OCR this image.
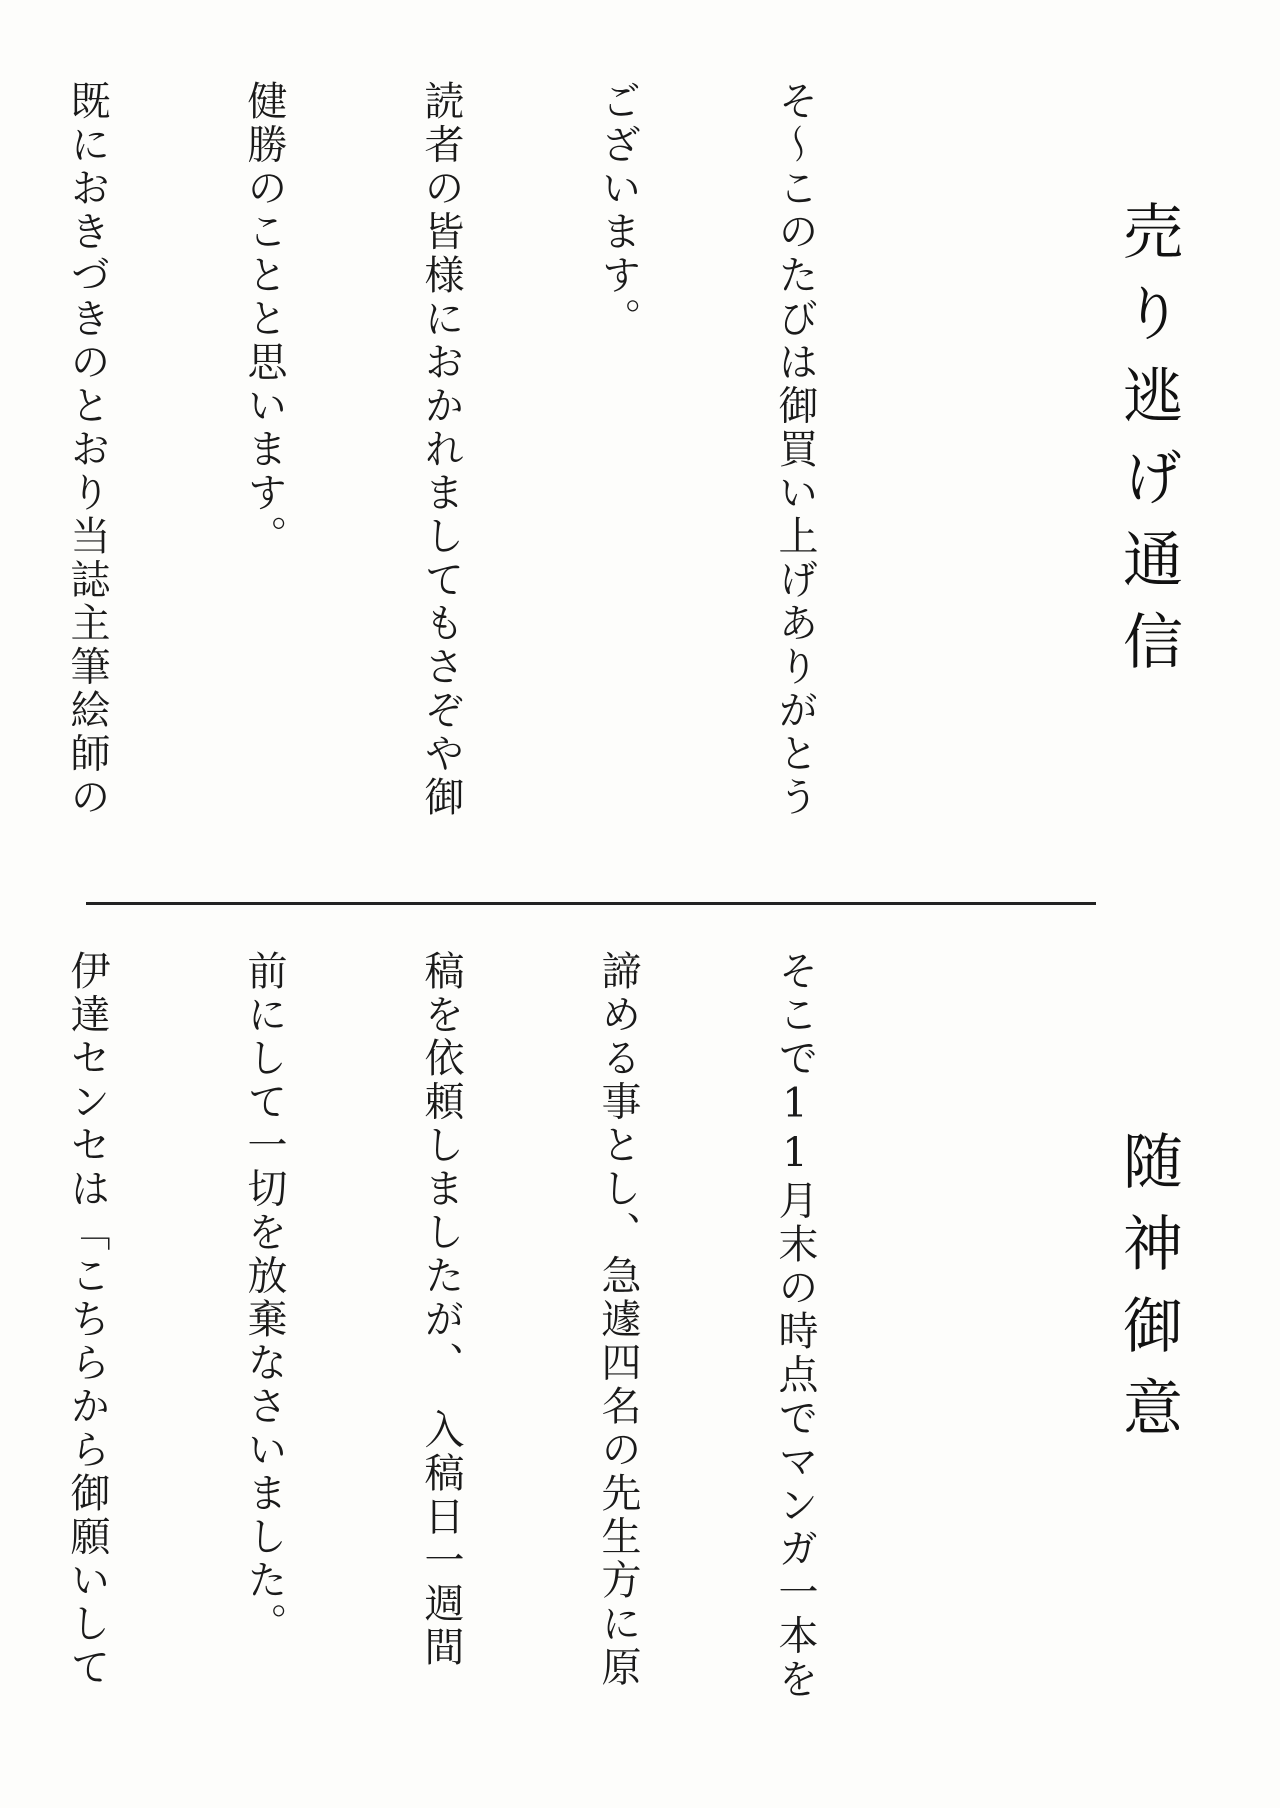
売り逃げ通信

そ〜このたびは御買い上げありがとう

ございます。

読者の皆様におかれましてもさぞや御

健勝のことと思います。

既におきづきのとおり当誌主筆絵師の

随神御意

そこで11月末の時点でマンガ一本を

諦める事とし、急遽四名の先生方に原

稿を依頼しましたが、　入稿日一週間

前にして一切を放棄なさいました。

伊達センセは「こちらから御願いして
